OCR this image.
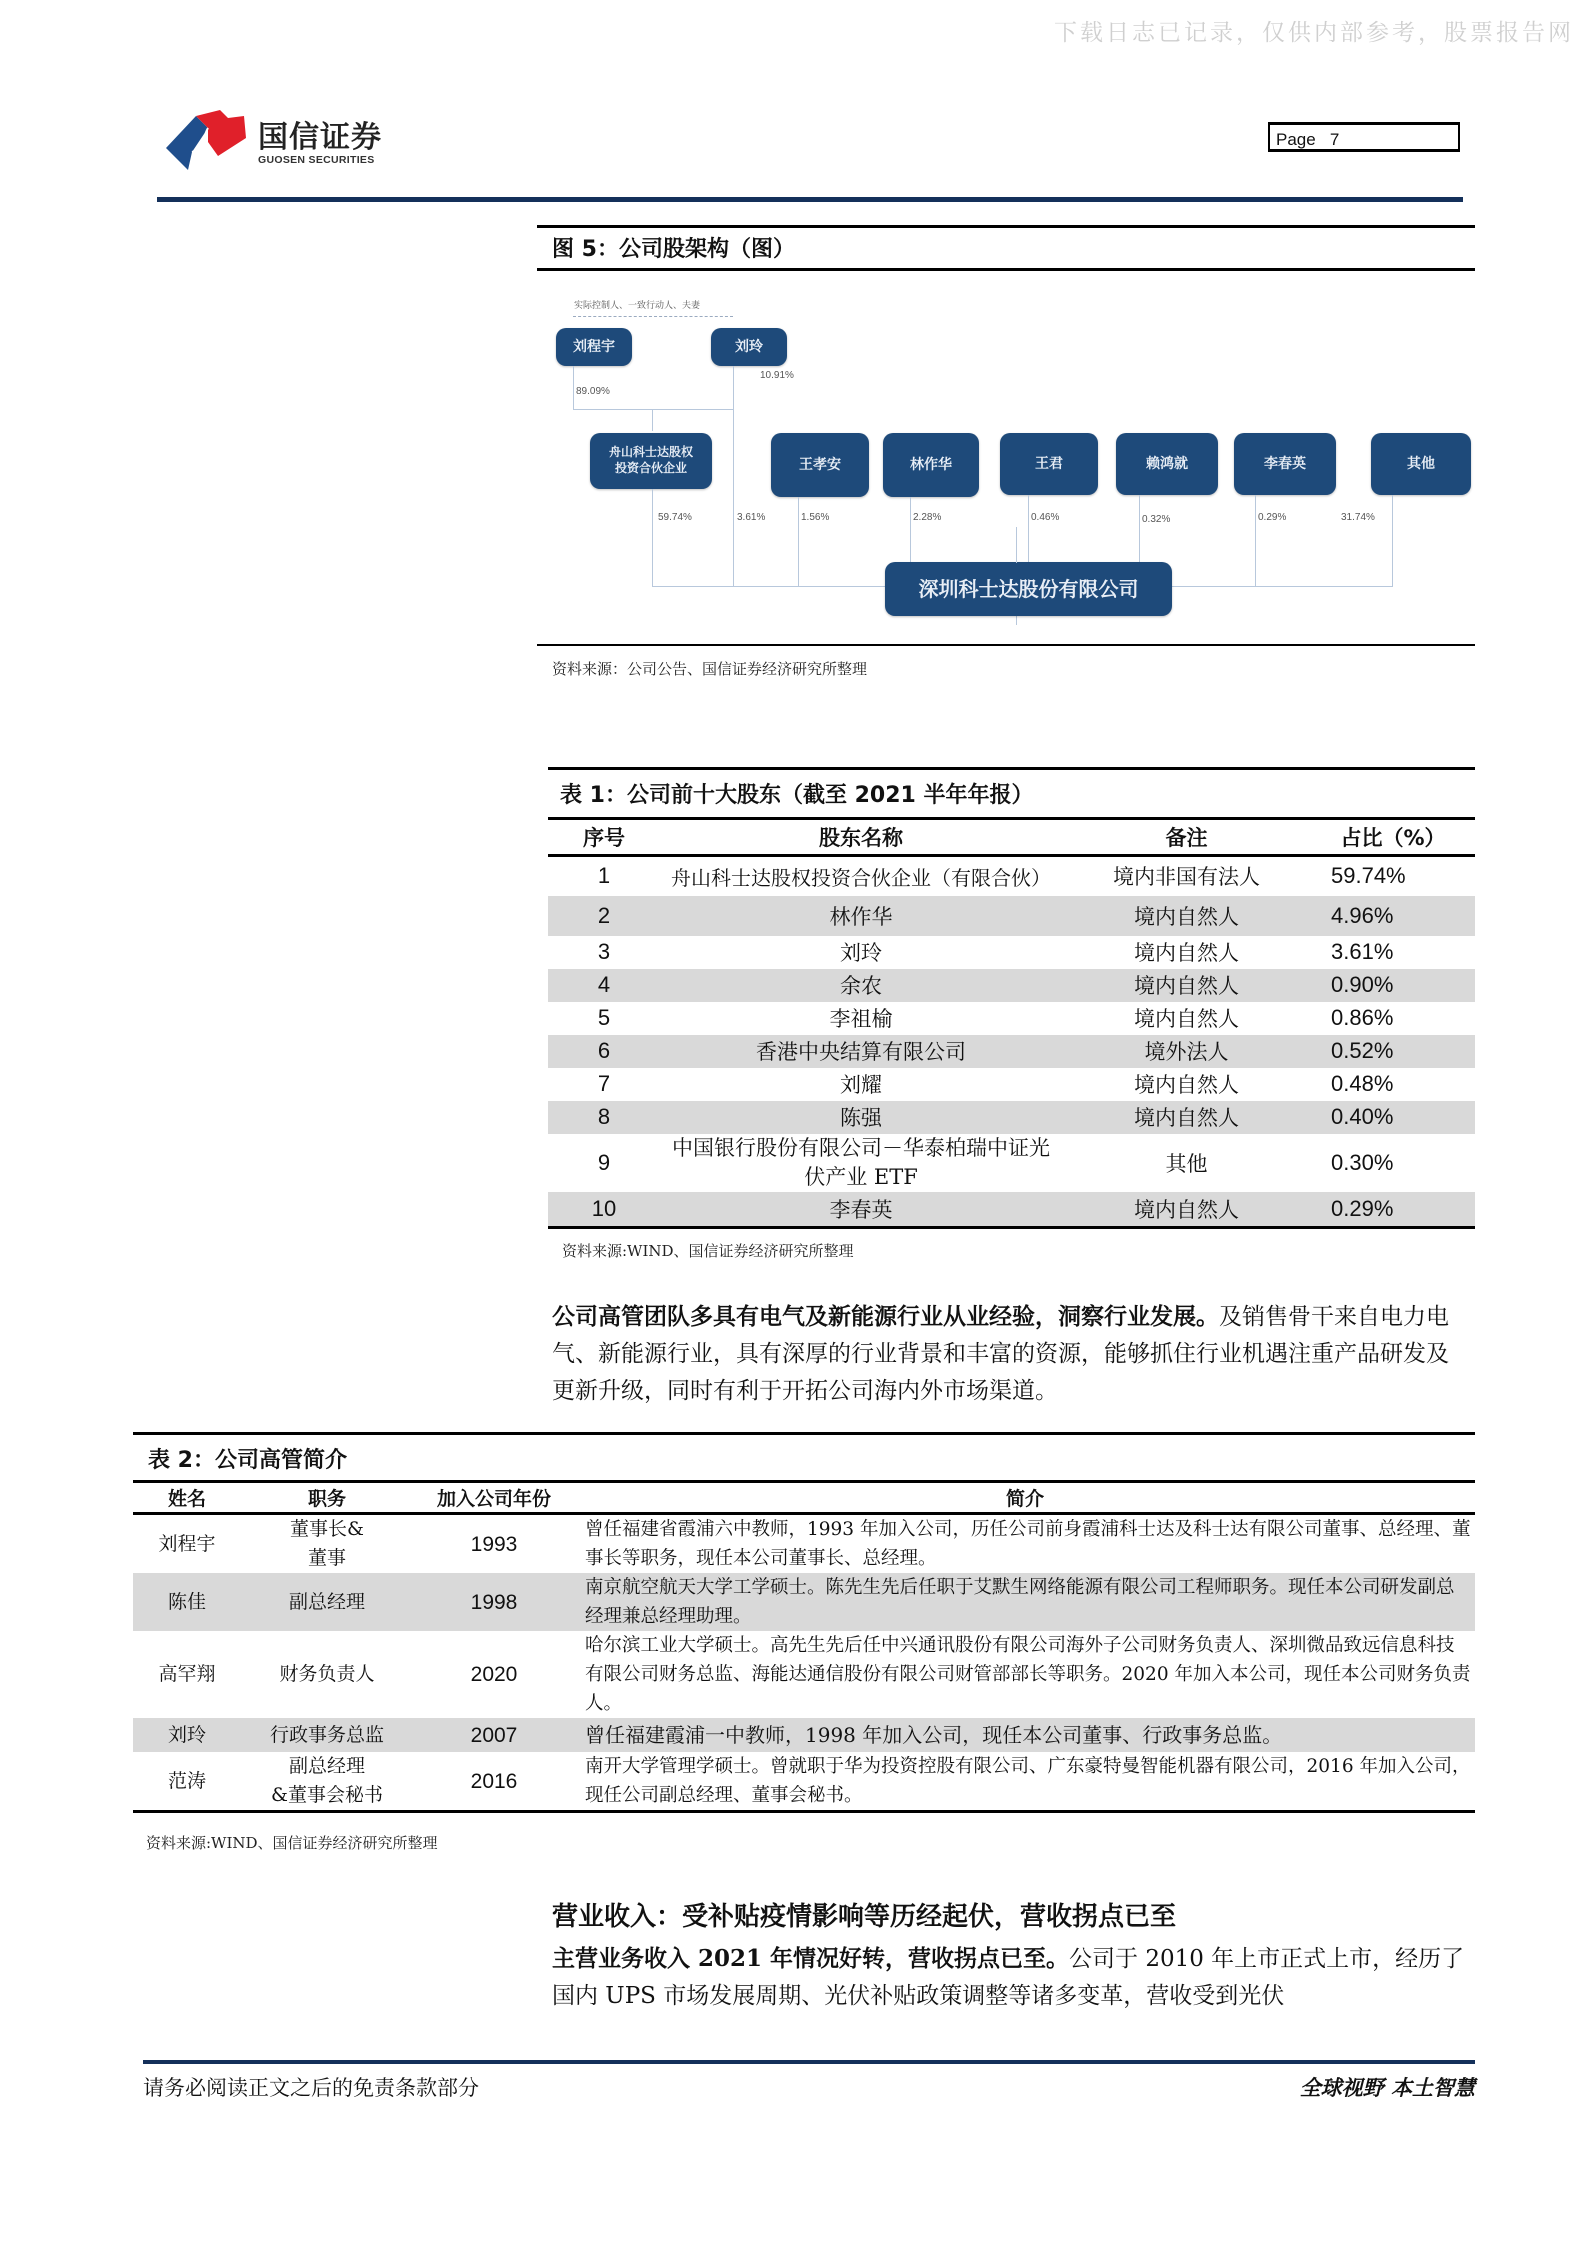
下载日志已记录，仅供内部参考，股票报告网
国信证券
GUOSEN SECURITIES
Page 7
图 5：公司股架构（图）
实际控制人、一致行动人、夫妻
刘程宇	刘玲
89.09%
10.91%
舟山科士达股权
投资合伙企业
59.74%	3.61%
王孝安	林作华	王君	赖鸿就	李春英	其他
1.56%	2.28%	0.46%	0.32%	0.29%	31.74%
深圳科士达股份有限公司
资料来源：公司公告、国信证券经济研究所整理
表 1：公司前十大股东（截至 2021 半年年报）
序号	股东名称	备注	占比（%）
1	舟山科士达股权投资合伙企业（有限合伙）	境内非国有法人	59.74%
2	林作华	境内自然人	4.96%
3	刘玲	境内自然人	3.61%
4	余农	境内自然人	0.90%
5	李祖榆	境内自然人	0.86%
6	香港中央结算有限公司	境外法人	0.52%
7	刘耀	境内自然人	0.48%
8	陈强	境内自然人	0.40%
9	中国银行股份有限公司－华泰柏瑞中证光
伏产业 ETF	其他	0.30%
10	李春英	境内自然人	0.29%
资料来源:WIND、国信证券经济研究所整理
公司高管团队多具有电气及新能源行业从业经验，洞察行业发展。及销售骨干来自电力电气、新能源行业，具有深厚的行业背景和丰富的资源，能够抓住行业机遇注重产品研发及更新升级，同时有利于开拓公司海内外市场渠道。
表 2：公司高管简介
姓名	职务	加入公司年份	简介
刘程宇	董事长&
董事	1993	曾任福建省霞浦六中教师，1993 年加入公司，历任公司前身霞浦科士达及科士达有限公司董事、总经理、董事长等职务，现任本公司董事长、总经理。
陈佳	副总经理	1998	南京航空航天大学工学硕士。陈先生先后任职于艾默生网络能源有限公司工程师职务。现任本公司研发副总经理兼总经理助理。
高罕翔	财务负责人	2020	哈尔滨工业大学硕士。高先生先后任中兴通讯股份有限公司海外子公司财务负责人、深圳微品致远信息科技有限公司财务总监、海能达通信股份有限公司财管部部长等职务。2020 年加入本公司，现任本公司财务负责人。
刘玲	行政事务总监	2007	曾任福建霞浦一中教师，1998 年加入公司，现任本公司董事、行政事务总监。
范涛	副总经理
&董事会秘书	2016	南开大学管理学硕士。曾就职于华为投资控股有限公司、广东豪特曼智能机器有限公司，2016 年加入公司，现任公司副总经理、董事会秘书。
资料来源:WIND、国信证券经济研究所整理
营业收入：受补贴疫情影响等历经起伏，营收拐点已至
主营业务收入 2021 年情况好转，营收拐点已至。公司于 2010 年上市正式上市，经历了国内 UPS 市场发展周期、光伏补贴政策调整等诸多变革，营收受到光伏
请务必阅读正文之后的免责条款部分	全球视野 本土智慧
